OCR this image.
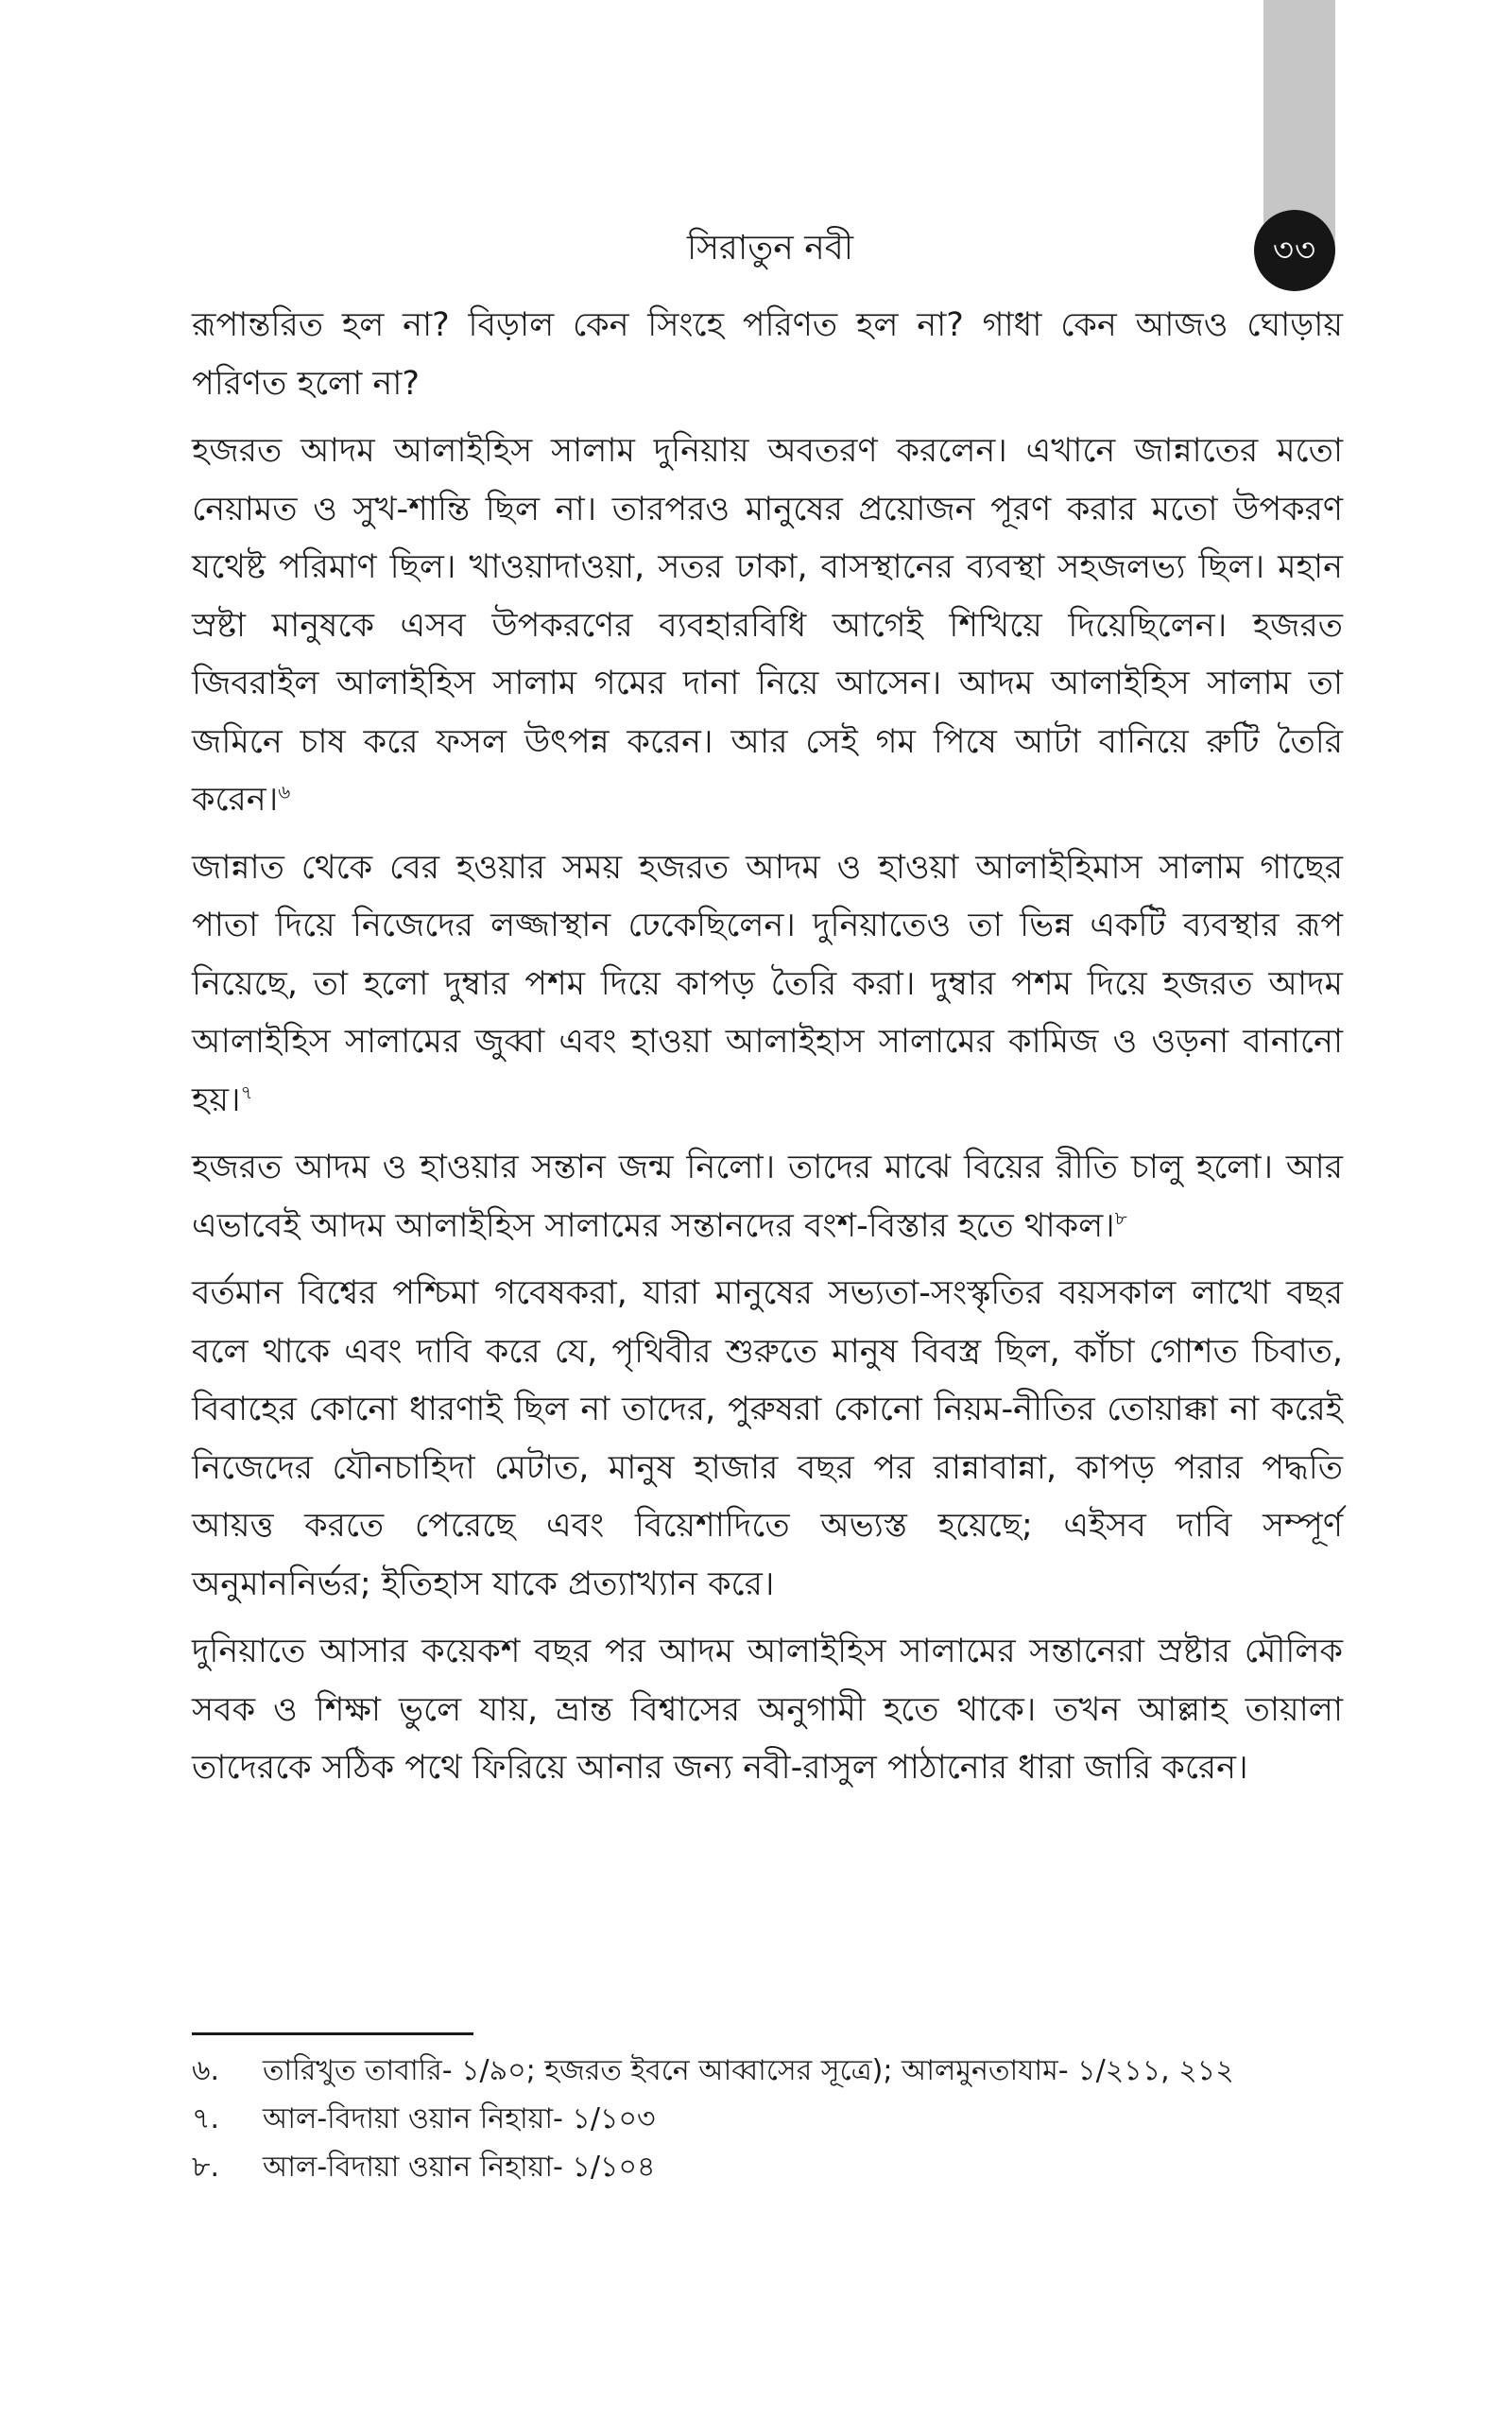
৩৩
সিরাতুন নবী

রূপান্তরিত হল না? বিড়াল কেন সিংহে পরিণত হল না? গাধা কেন আজও ঘোড়ায় পরিণত হলো না?

হজরত আদম আলাইহিস সালাম দুনিয়ায় অবতরণ করলেন। এখানে জান্নাতের মতো নেয়ামত ও সুখ-শান্তি ছিল না। তারপরও মানুষের প্রয়োজন পূরণ করার মতো উপকরণ যথেষ্ট পরিমাণ ছিল। খাওয়াদাওয়া, সতর ঢাকা, বাসস্থানের ব্যবস্থা সহজলভ্য ছিল। মহান স্রষ্টা মানুষকে এসব উপকরণের ব্যবহারবিধি আগেই শিখিয়ে দিয়েছিলেন। হজরত জিবরাইল আলাইহিস সালাম গমের দানা নিয়ে আসেন। আদম আলাইহিস সালাম তা জমিনে চাষ করে ফসল উৎপন্ন করেন। আর সেই গম পিষে আটা বানিয়ে রুটি তৈরি করেন।$^৬$

জান্নাত থেকে বের হওয়ার সময় হজরত আদম ও হাওয়া আলাইহিমাস সালাম গাছের পাতা দিয়ে নিজেদের লজ্জাস্থান ঢেকেছিলেন। দুনিয়াতেও তা ভিন্ন একটি ব্যবস্থার রূপ নিয়েছে, তা হলো দুম্বার পশম দিয়ে কাপড় তৈরি করা। দুম্বার পশম দিয়ে হজরত আদম আলাইহিস সালামের জুব্বা এবং হাওয়া আলাইহাস সালামের কামিজ ও ওড়না বানানো হয়।$^৭$

হজরত আদম ও হাওয়ার সন্তান জন্ম নিলো। তাদের মাঝে বিয়ের রীতি চালু হলো। আর এভাবেই আদম আলাইহিস সালামের সন্তানদের বংশ-বিস্তার হতে থাকল।$^৮$

বর্তমান বিশ্বের পশ্চিমা গবেষকরা, যারা মানুষের সভ্যতা-সংস্কৃতির বয়সকাল লাখো বছর বলে থাকে এবং দাবি করে যে, পৃথিবীর শুরুতে মানুষ বিবস্ত্র ছিল, কাঁচা গোশত চিবাত, বিবাহের কোনো ধারণাই ছিল না তাদের, পুরুষরা কোনো নিয়ম-নীতির তোয়াক্কা না করেই নিজেদের যৌনচাহিদা মেটাত, মানুষ হাজার বছর পর রান্নাবান্না, কাপড় পরার পদ্ধতি আয়ত্ত করতে পেরেছে এবং বিয়েশাদিতে অভ্যস্ত হয়েছে; এইসব দাবি সম্পূর্ণ অনুমাননির্ভর; ইতিহাস যাকে প্রত্যাখ্যান করে।

দুনিয়াতে আসার কয়েকশ বছর পর আদম আলাইহিস সালামের সন্তানেরা স্রষ্টার মৌলিক সবক ও শিক্ষা ভুলে যায়, ভ্রান্ত বিশ্বাসের অনুগামী হতে থাকে। তখন আল্লাহ তায়ালা তাদেরকে সঠিক পথে ফিরিয়ে আনার জন্য নবী-রাসুল পাঠানোর ধারা জারি করেন।

৬.	তারিখুত তাবারি- ১/৯০; হজরত ইবনে আব্বাসের সূত্রে); আলমুনতাযাম- ১/২১১, ২১২
৭.	আল-বিদায়া ওয়ান নিহায়া- ১/১০৩
৮.	আল-বিদায়া ওয়ান নিহায়া- ১/১০৪
